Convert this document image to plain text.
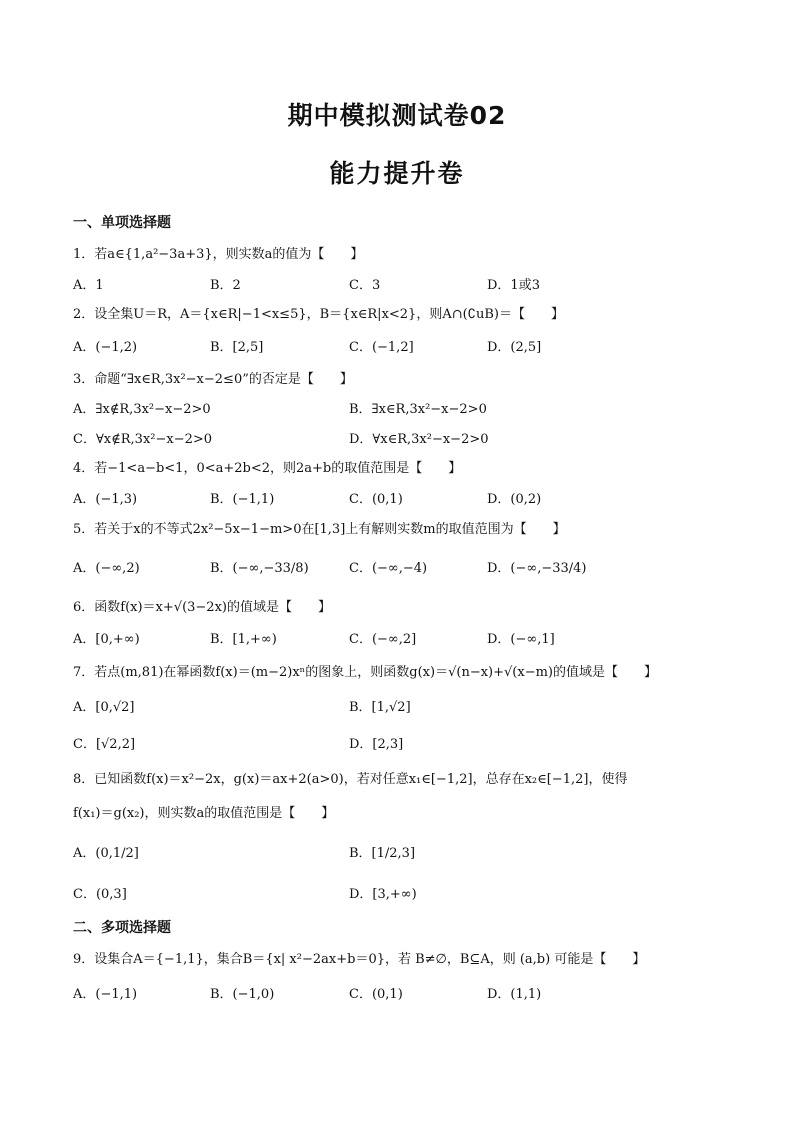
期中模拟测试卷02
能力提升卷
一、单项选择题
1．若a∈{1,a²−3a+3}，则实数a的值为【　　】
A．1	B．2	C．3	D．1或3
2．设全集U＝R，A＝{x∈R|−1<x≤5}，B＝{x∈R|x<2}，则A∩(∁uB)＝【　　】
A．(−1,2)	B．[2,5]	C．(−1,2]	D．(2,5]
3．命题“∃x∈R,3x²−x−2≤0”的否定是【　　】
A．∃x∉R,3x²−x−2>0	B．∃x∈R,3x²−x−2>0
C．∀x∉R,3x²−x−2>0	D．∀x∈R,3x²−x−2>0
4．若−1<a−b<1，0<a+2b<2，则2a+b的取值范围是【　　】
A．(−1,3)	B．(−1,1)	C．(0,1)	D．(0,2)
5．若关于x的不等式2x²−5x−1−m>0在[1,3]上有解则实数m的取值范围为【　　】
A．(−∞,2)	B．(−∞,−33/8)	C．(−∞,−4)	D．(−∞,−33/4)
6．函数f(x)＝x+√(3−2x)的值域是【　　】
A．[0,+∞)	B．[1,+∞)	C．(−∞,2]	D．(−∞,1]
7．若点(m,81)在幂函数f(x)＝(m−2)xⁿ的图象上，则函数g(x)＝√(n−x)+√(x−m)的值域是【　　】
A．[0,√2]	B．[1,√2]
C．[√2,2]	D．[2,3]
8．已知函数f(x)＝x²−2x，g(x)＝ax+2(a>0)，若对任意x₁∈[−1,2]，总存在x₂∈[−1,2]，使得
f(x₁)＝g(x₂)，则实数a的取值范围是【　　】
A．(0,1/2]	B．[1/2,3]
C．(0,3]	D．[3,+∞)
二、多项选择题
9．设集合A＝{−1,1}，集合B＝{x| x²−2ax+b＝0}，若 B≠∅，B⊆A，则 (a,b) 可能是【　　】
A．(−1,1)	B．(−1,0)	C．(0,1)	D．(1,1)
